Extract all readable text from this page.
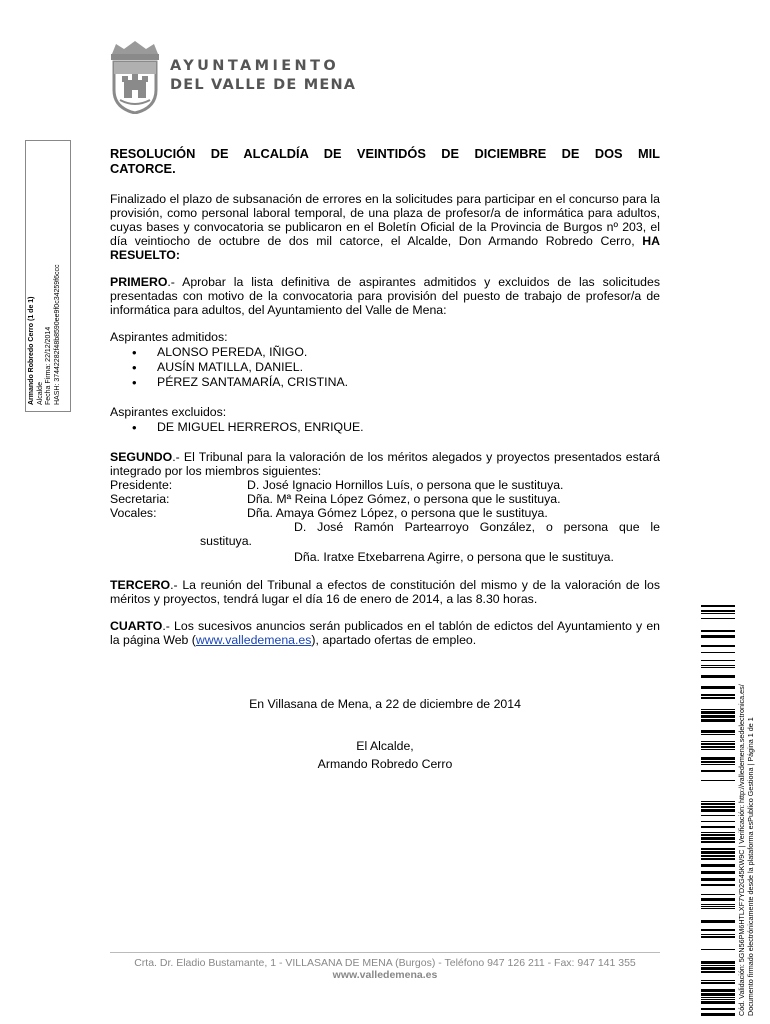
AYUNTAMIENTO
DEL VALLE DE MENA
Armando Robredo Cerro (1 de 1) Alcalde Fecha Firma: 22/12/2014 HASH: 37442282f48b8590ee9f0c34259f6ccc
RESOLUCIÓN DE ALCALDÍA DE VEINTIDÓS DE DICIEMBRE DE DOS MIL
CATORCE.

Finalizado el plazo de subsanación de errores en la solicitudes para participar en el concurso para la provisión, como personal laboral temporal, de una plaza de profesor/a de informática para adultos, cuyas bases y convocatoria se publicaron en el Boletín Oficial de la Provincia de Burgos nº 203, el día veintiocho de octubre de dos mil catorce, el Alcalde, Don Armando Robredo Cerro, HA RESUELTO:

PRIMERO.- Aprobar la lista definitiva de aspirantes admitidos y excluidos de las solicitudes presentadas con motivo de la convocatoria para provisión del puesto de trabajo de profesor/a de informática para adultos, del Ayuntamiento del Valle de Mena:

Aspirantes admitidos:
• ALONSO PEREDA, IÑIGO.
• AUSÍN MATILLA, DANIEL.
• PÉREZ SANTAMARÍA, CRISTINA.
Aspirantes excluidos:
• DE MIGUEL HERREROS, ENRIQUE.

SEGUNDO.- El Tribunal para la valoración de los méritos alegados y proyectos presentados estará integrado por los miembros siguientes:

Presidente:	D. José Ignacio Hornillos Luís, o persona que le sustituya.
Secretaria:	Dña. Mª Reina López Gómez, o persona que le sustituya.
Vocales:	Dña. Amaya Gómez López, o persona que le sustituya.
D. José Ramón Partearroyo González, o persona que le
sustituya.
Dña. Iratxe Etxebarrena Agirre, o persona que le sustituya.

TERCERO.- La reunión del Tribunal a efectos de constitución del mismo y de la valoración de los méritos y proyectos, tendrá lugar el día 16 de enero de 2014, a las 8.30 horas.

CUARTO.- Los sucesivos anuncios serán publicados en el tablón de edictos del Ayuntamiento y en la página Web (www.valledemena.es), apartado ofertas de empleo.

En Villasana de Mena, a 22 de diciembre de 2014
El Alcalde,
Armando Robredo Cerro
Crta. Dr. Eladio Bustamante, 1 - VILLASANA DE MENA (Burgos) - Teléfono 947 126 211 - Fax: 947 141 355
www.valledemena.es	Cód. Validación: 5GN56PM6HTLXF7YD2G45KW9C | Verificación: http://valledemena.sedelectronica.es/ Documento firmado electrónicamente desde la plataforma esPublico Gestiona | Página 1 de 1
